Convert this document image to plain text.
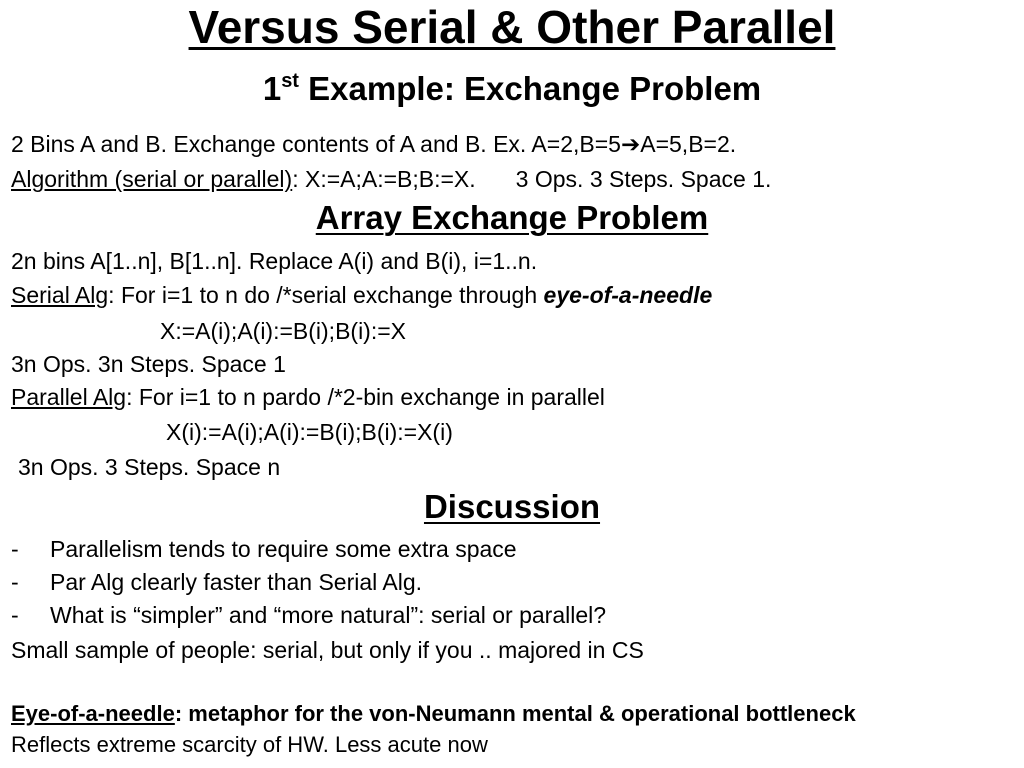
Versus Serial & Other Parallel
1st Example: Exchange Problem
2 Bins A and B. Exchange contents of A and B. Ex. A=2,B=5➔A=5,B=2.
Algorithm (serial or parallel): X:=A;A:=B;B:=X. 3 Ops. 3 Steps. Space 1.
Array Exchange Problem
2n bins A[1..n], B[1..n]. Replace A(i) and B(i), i=1..n.
Serial Alg: For i=1 to n do /*serial exchange through eye-of-a-needle
X:=A(i);A(i):=B(i);B(i):=X
3n Ops. 3n Steps. Space 1
Parallel Alg: For i=1 to n pardo /*2-bin exchange in parallel
X(i):=A(i);A(i):=B(i);B(i):=X(i)
3n Ops. 3 Steps. Space n
Discussion
- Parallelism tends to require some extra space
- Par Alg clearly faster than Serial Alg.
- What is “simpler” and “more natural”: serial or parallel?
Small sample of people: serial, but only if you .. majored in CS
Eye-of-a-needle: metaphor for the von-Neumann mental & operational bottleneck
Reflects extreme scarcity of HW. Less acute now
